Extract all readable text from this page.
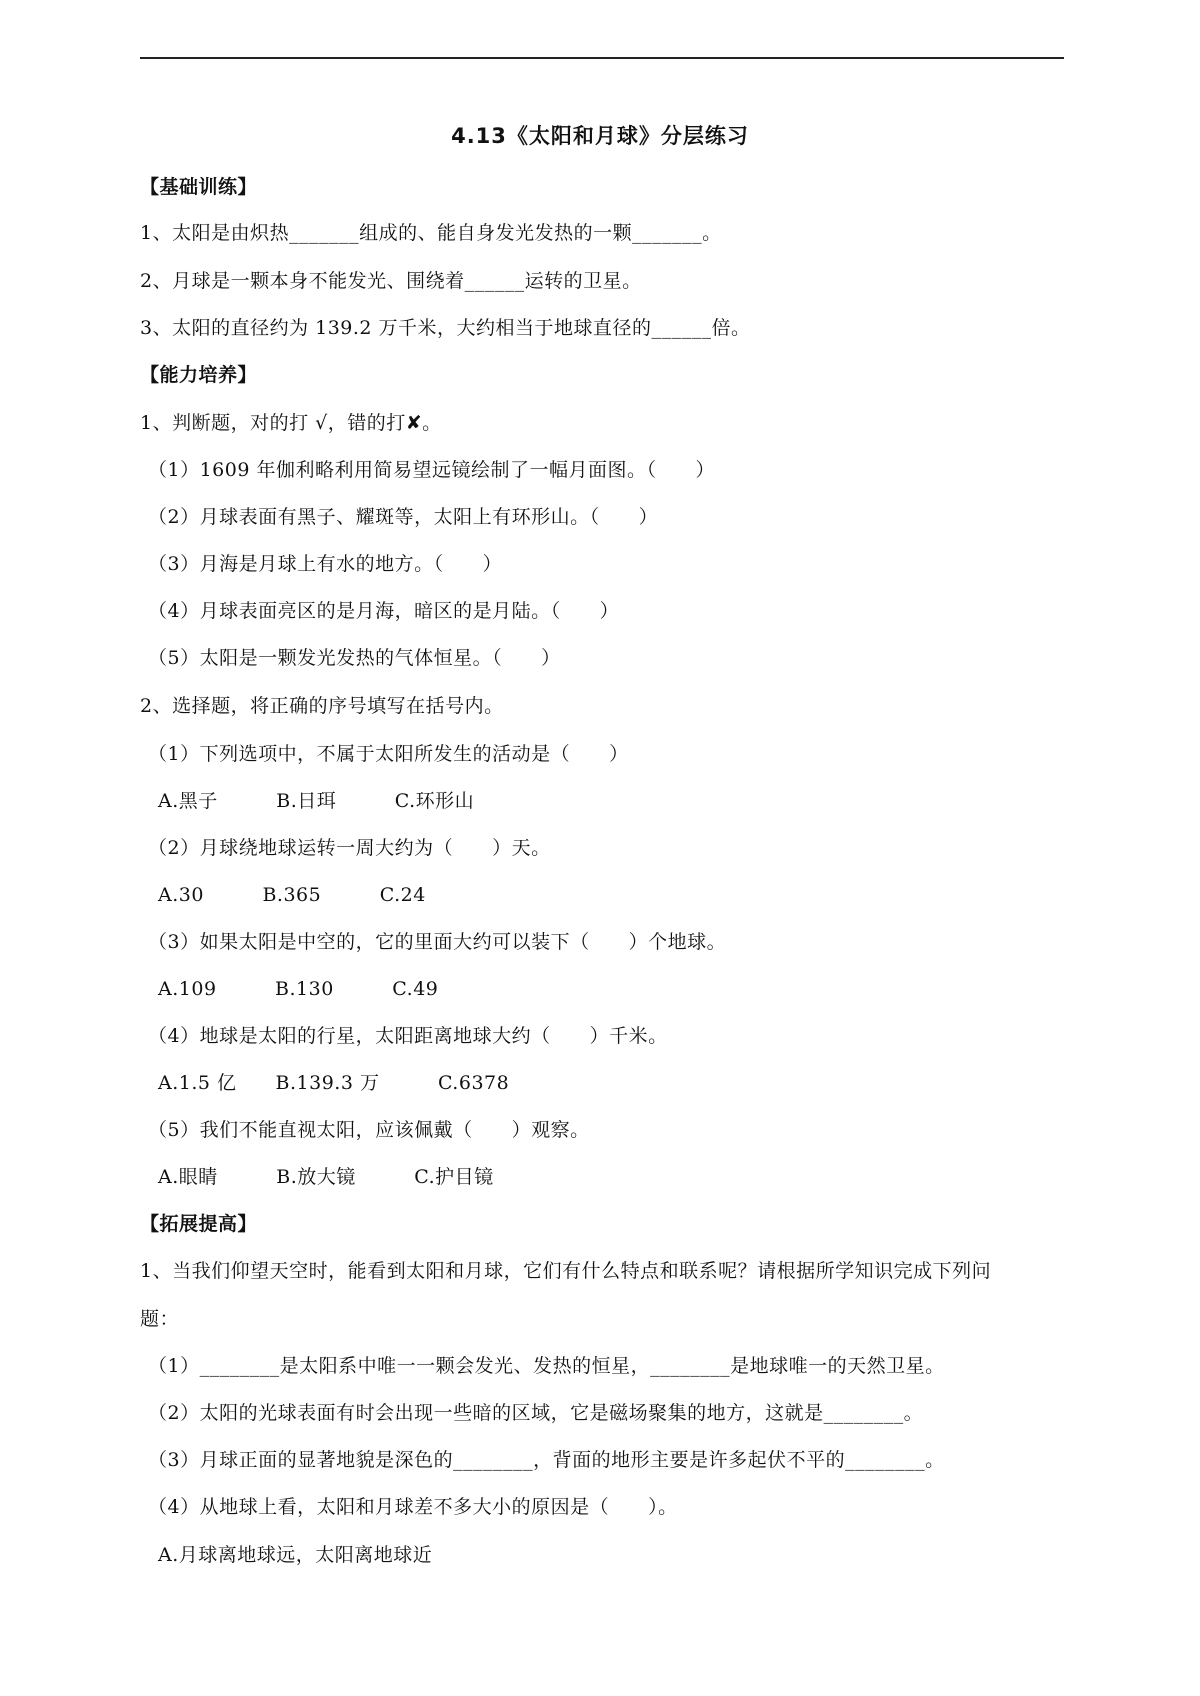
4.13《太阳和月球》分层练习
【基础训练】
1、太阳是由炽热_______组成的、能自身发光发热的一颗_______。
2、月球是一颗本身不能发光、围绕着______运转的卫星。
3、太阳的直径约为 139.2 万千米，大约相当于地球直径的______倍。
【能力培养】
1、判断题，对的打 √，错的打✘。
（1）1609 年伽利略利用简易望远镜绘制了一幅月面图。（　　）
（2）月球表面有黑子、耀斑等，太阳上有环形山。（　　）
（3）月海是月球上有水的地方。（　　）
（4）月球表面亮区的是月海，暗区的是月陆。（　　）
（5）太阳是一颗发光发热的气体恒星。（　　）
2、选择题，将正确的序号填写在括号内。
（1）下列选项中，不属于太阳所发生的活动是（　　）
A.黑子　　　B.日珥　　　C.环形山
（2）月球绕地球运转一周大约为（　　）天。
A.30　　　B.365　　　C.24
（3）如果太阳是中空的，它的里面大约可以装下（　　）个地球。
A.109　　　B.130　　　C.49
（4）地球是太阳的行星，太阳距离地球大约（　　）千米。
A.1.5 亿　　B.139.3 万　　　C.6378
（5）我们不能直视太阳，应该佩戴（　　）观察。
A.眼睛　　　B.放大镜　　　C.护目镜
【拓展提高】
1、当我们仰望天空时，能看到太阳和月球，它们有什么特点和联系呢？请根据所学知识完成下列问
题：
（1）________是太阳系中唯一一颗会发光、发热的恒星，________是地球唯一的天然卫星。
（2）太阳的光球表面有时会出现一些暗的区域，它是磁场聚集的地方，这就是________。
（3）月球正面的显著地貌是深色的________，背面的地形主要是许多起伏不平的________。
（4）从地球上看，太阳和月球差不多大小的原因是（　　）。
A.月球离地球远，太阳离地球近
